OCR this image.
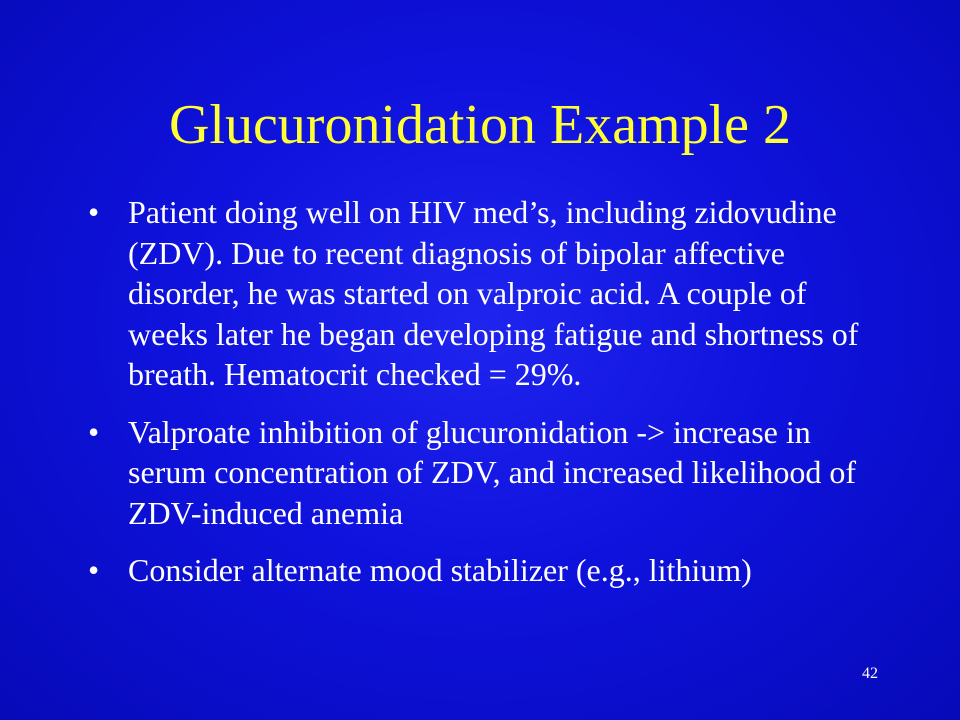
Glucuronidation Example 2
• Patient doing well on HIV med’s, including zidovudine (ZDV). Due to recent diagnosis of bipolar affective disorder, he was started on valproic acid. A couple of weeks later he began developing fatigue and shortness of breath. Hematocrit checked = 29%.
• Valproate inhibition of glucuronidation -> increase in serum concentration of ZDV, and increased likelihood of ZDV-induced anemia
• Consider alternate mood stabilizer (e.g., lithium)
42
